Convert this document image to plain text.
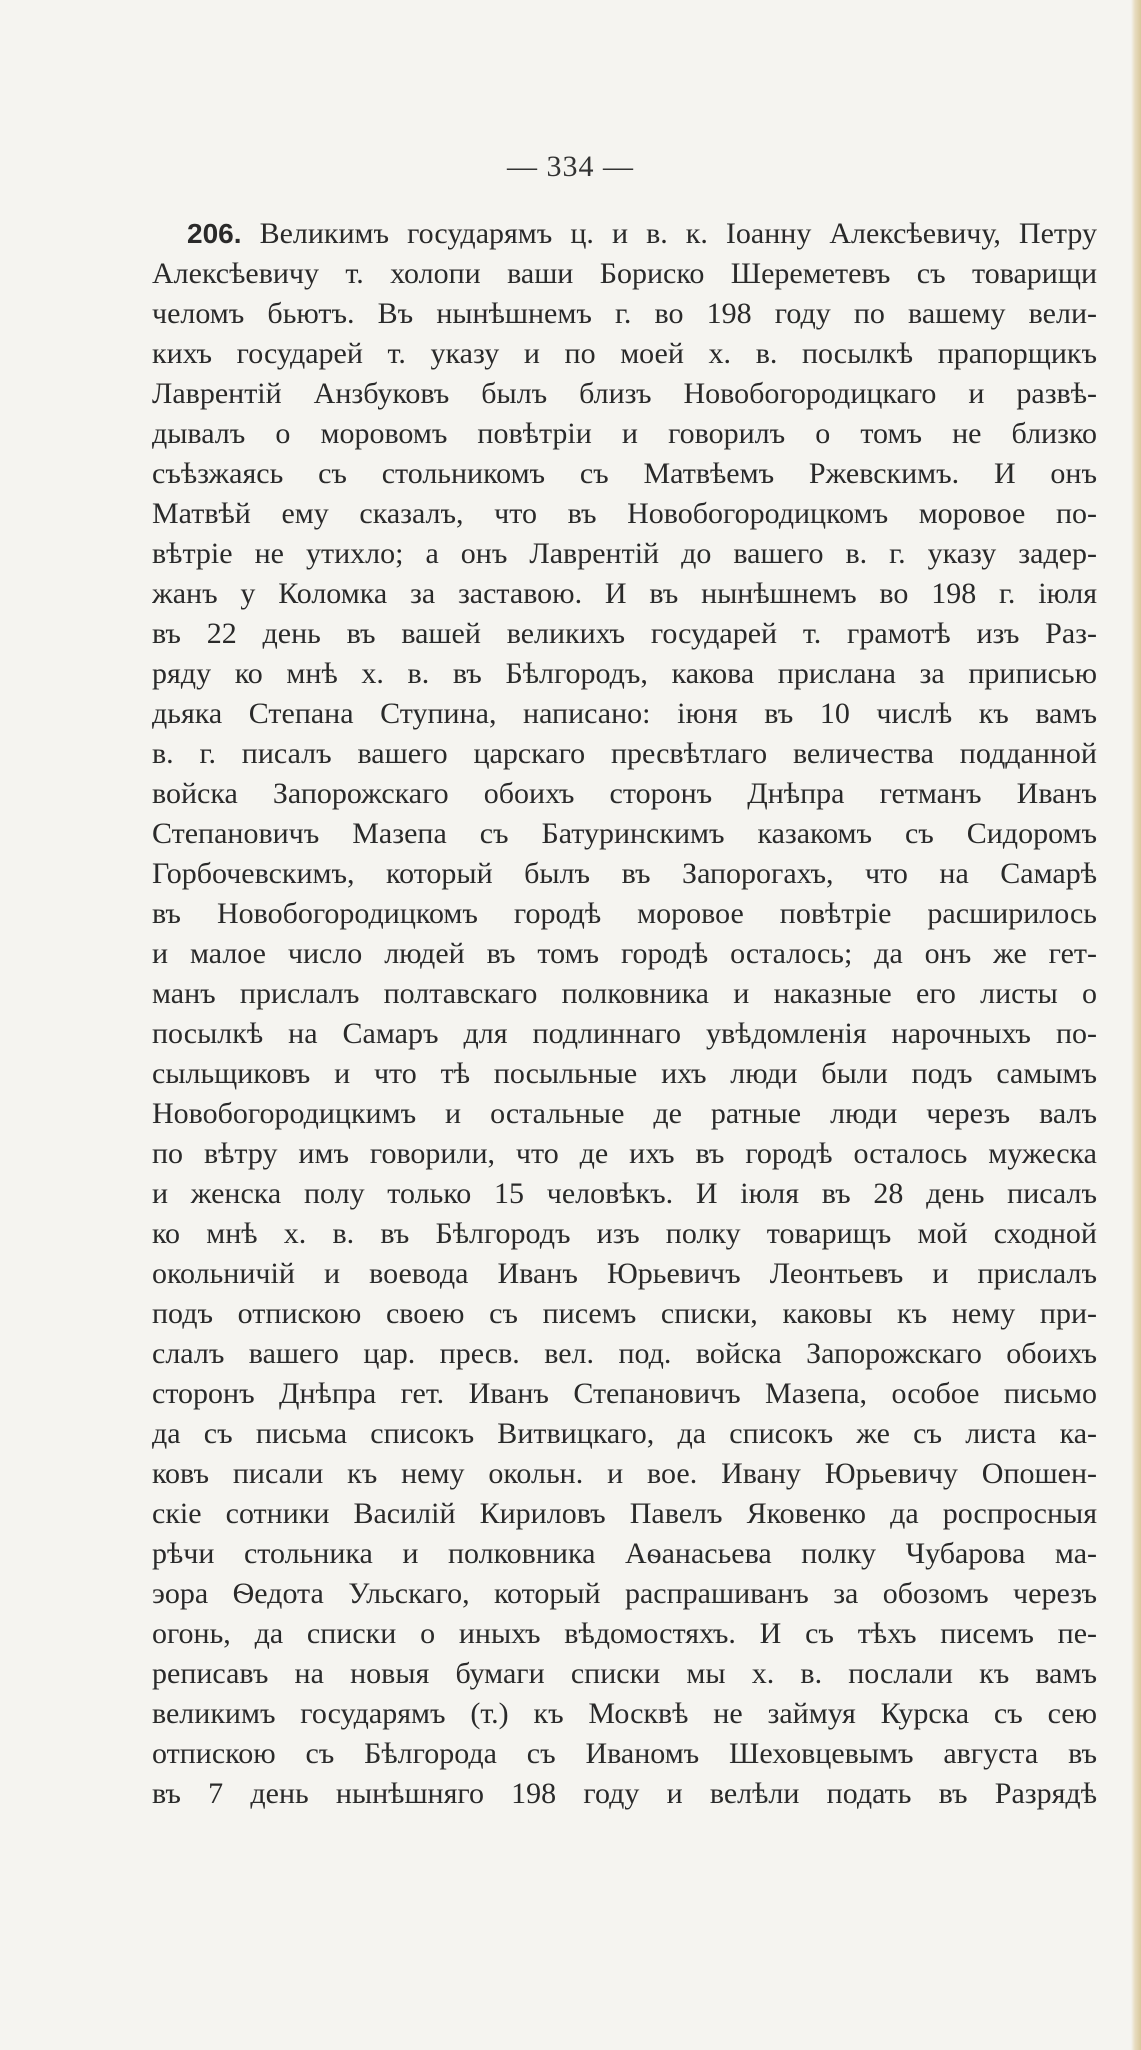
— 334 —
206. Великимъ государямъ ц. и в. к. Іоанну Алексѣевичу, Петру
Алексѣевичу т. холопи ваши Бориско Шереметевъ съ товарищи
челомъ бьютъ. Въ нынѣшнемъ г. во 198 году по вашему вели-
кихъ государей т. указу и по моей х. в. посылкѣ прапорщикъ
Лаврентій Анзбуковъ былъ близъ Новобогородицкаго и развѣ-
дывалъ о моровомъ повѣтріи и говорилъ о томъ не близко
съѣзжаясь съ стольникомъ съ Матвѣемъ Ржевскимъ. И онъ
Матвѣй ему сказалъ, что въ Новобогородицкомъ моровое по-
вѣтріе не утихло; а онъ Лаврентій до вашего в. г. указу задер-
жанъ у Коломка за заставою. И въ нынѣшнемъ во 198 г. іюля
въ 22 день въ вашей великихъ государей т. грамотѣ изъ Раз-
ряду ко мнѣ х. в. въ Бѣлгородъ, какова прислана за приписью
дьяка Степана Ступина, написано: іюня въ 10 числѣ къ вамъ
в. г. писалъ вашего царскаго пресвѣтлаго величества подданной
войска Запорожскаго обоихъ сторонъ Днѣпра гетманъ Иванъ
Степановичъ Мазепа съ Батуринскимъ казакомъ съ Сидоромъ
Горбочевскимъ, который былъ въ Запорогахъ, что на Самарѣ
въ Новобогородицкомъ городѣ моровое повѣтріе расширилось
и малое число людей въ томъ городѣ осталось; да онъ же гет-
манъ прислалъ полтавскаго полковника и наказные его листы о
посылкѣ на Самаръ для подлиннаго увѣдомленія нарочныхъ по-
сыльщиковъ и что тѣ посыльные ихъ люди были подъ самымъ
Новобогородицкимъ и остальные де ратные люди черезъ валъ
по вѣтру имъ говорили, что де ихъ въ городѣ осталось мужеска
и женска полу только 15 человѣкъ. И іюля въ 28 день писалъ
ко мнѣ х. в. въ Бѣлгородъ изъ полку товарищъ мой сходной
окольничій и воевода Иванъ Юрьевичъ Леонтьевъ и прислалъ
подъ отпискою своею съ писемъ списки, каковы къ нему при-
слалъ вашего цар. пресв. вел. под. войска Запорожскаго обоихъ
сторонъ Днѣпра гет. Иванъ Степановичъ Мазепа, особое письмо
да съ письма списокъ Витвицкаго, да списокъ же съ листа ка-
ковъ писали къ нему окольн. и вое. Ивану Юрьевичу Опошен-
скіе сотники Василій Кириловъ Павелъ Яковенко да роспросныя
рѣчи стольника и полковника Аѳанасьева полку Чубарова ма-
эора Ѳедота Ульскаго, который распрашиванъ за обозомъ черезъ
огонь, да списки о иныхъ вѣдомостяхъ. И съ тѣхъ писемъ пе-
реписавъ на новыя бумаги списки мы х. в. послали къ вамъ
великимъ государямъ (т.) къ Москвѣ не займуя Курска съ сею
отпискою съ Бѣлгорода съ Иваномъ Шеховцевымъ августа въ
въ 7 день нынѣшняго 198 году и велѣли подать въ Разрядѣ
